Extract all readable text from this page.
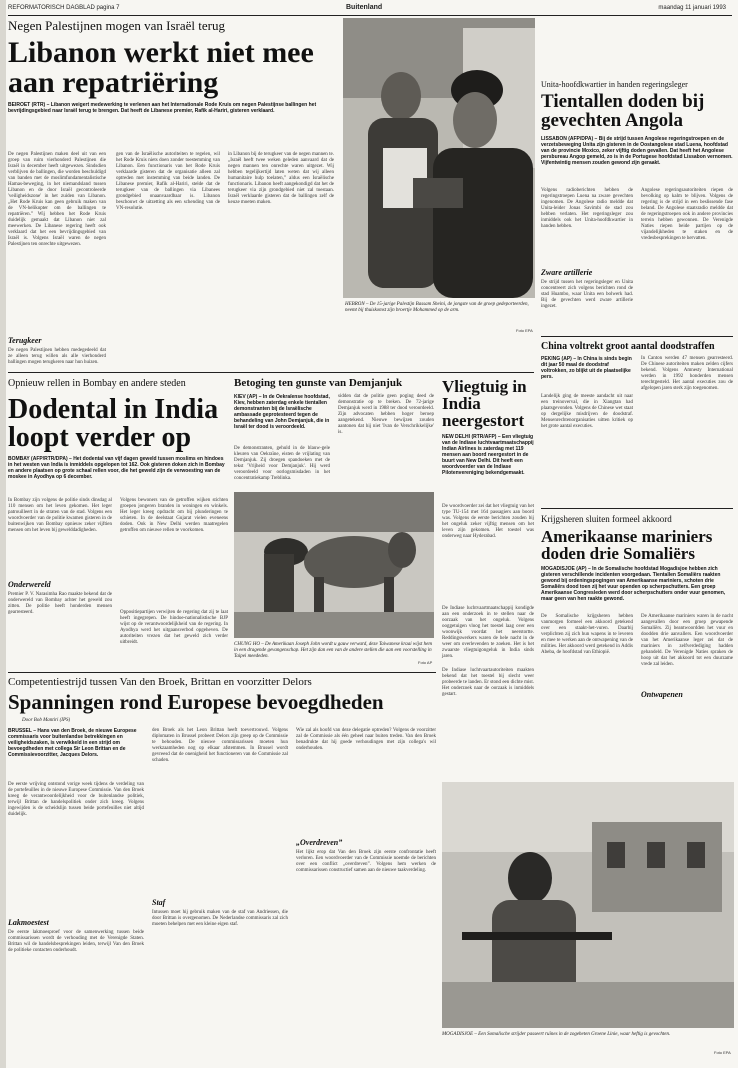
REFORMATORISCH DAGBLAD pagina 7	Buitenland	maandag 11 januari 1993
Negen Palestijnen mogen van Israël terug
Libanon werkt niet mee aan repatriëring
BEIROET (RTR) – Libanon weigert medewerking te verlenen aan het Internationale Rode Kruis om negen Palestijnse ballingen het bevrijdingsgebied naar Israël terug te brengen. Dat heeft de Libanese premier, Rafik al-Hariri, gisteren verklaard.
De negen Palestijnen maken deel uit van een groep van ruim vierhonderd Palestijnen die Israël in december heeft uitgewezen. Sindsdien verblijven de ballingen, die worden beschuldigd van banden met de moslimfundamentalistische Hamas-beweging, in het niemandsland tussen Libanon en de door Israël gecontroleerde 'veiligheidszone' in het zuiden van Libanon. „Het Rode Kruis kan geen gebruik maken van de VN-helikopter om de ballingen te repatriëren.” Wij hebben het Rode Kruis duidelijk gemaakt dat Libanon niet zal meewerken. De Libanese regering heeft ook verklaard dat het een bevrijdingsgebied van Israël is. Volgens Israël waren de negen Palestijnen ten onrechte uitgewezen.
Terugkeer
De negen Palestijnen hebben medegedeeld dat ze alleen terug willen als alle vierhonderd ballingen mogen terugkeren naar hun huizen.
gen van de Israëlische autoriteiten te regelen, wil het Rode Kruis niets doen zonder toestemming van Libanon. Een functionaris van het Rode Kruis verklaarde gisteren dat de organisatie alleen zal optreden met instemming van beide landen. De Libanese premier, Rafik al-Hariri, stelde dat de terugkeer van de ballingen via Libanees grondgebied onaanvaardbaar is. Libanon beschouwt de uitzetting als een schending van de VN-resolutie.
in Libanon bij de terugkeer van de negen mannen te. „Israël heeft twee weken geleden aanvaard dat de negen mannen ten onrechte waren uitgezet. Wij hebben tegelijkertijd laten weten dat wij alleen humanitaire hulp toelaten,” aldus een Israëlische functionaris. Libanon heeft aangekondigd dat het de terugkeer via zijn grondgebied niet zal toestaan. Israël verklaarde gisteren dat de ballingen zelf de keuze moeten maken.
HEBRON – De 15-jarige Palestijn Bassam Sheini, de jongste van de groep gedeporteerden, neemt bij thuiskomst zijn broertje Mohammed op de arm.
Foto EPA
Unita-hoofdkwartier in handen regeringsleger
Tientallen doden bij gevechten Angola
LISSABON (AFP/DPA) – Bij de strijd tussen Angolese regeringstroepen en de verzetsbeweging Unita zijn gisteren in de Oostangolese stad Luena, hoofdstad van de provincie Moxico, zeker vijftig doden gevallen. Dat heeft het Angolese persbureau Angop gemeld, zo is in de Portugese hoofdstad Lissabon vernomen. Vijfentwintig mensen zouden gewond zijn geraakt.
Volgens radioberichten hebben de regeringstroepen Luena na zware gevechten ingenomen. De Angolese radio meldde dat Unita-leider Jonas Savimbi de stad zou hebben verlaten. Het regeringsleger zou inmiddels ook het Unita-hoofdkwartier in handen hebben.
Zware artillerie
De strijd tussen het regeringsleger en Unita concentreert zich volgens berichten rond de stad Huambo, waar Unita een bolwerk had. Bij de gevechten werd zware artillerie ingezet.
Angolese regeringsautoriteiten riepen de bevolking op kalm te blijven. Volgens de regering is de strijd in een beslissende fase beland. De Angolese staatsradio meldde dat de regeringstroepen ook in andere provincies terrein hebben gewonnen. De Verenigde Naties riepen beide partijen op de vijandelijkheden te staken en de vredesbesprekingen te hervatten.
China voltrekt groot aantal doodstraffen
PEKING (AP) – In China is sinds begin dit jaar 50 maal de doodstraf voltrokken, zo blijkt uit de plaatselijke pers.
Landelijk ging de meeste aandacht uit naar een treinoverval, die in Xiangtan had plaatsgevonden. Volgens de Chinese wet staat op dergelijke misdrijven de doodstraf. Mensenrechtenorganisaties uitten kritiek op het grote aantal executies.
In Canton werden 47 mensen gearresteerd. De Chinese autoriteiten maken zelden cijfers bekend. Volgens Amnesty International werden in 1992 honderden mensen terechtgesteld. Het aantal executies zou de afgelopen jaren sterk zijn toegenomen.
Opnieuw rellen in Bombay en andere steden
Dodental in India loopt verder op
BOMBAY (AFP/RTR/DPA) – Het dodental van vijf dagen geweld tussen moslims en hindoes in het westen van India is inmiddels opgelopen tot 162. Ook gisteren doken zich in Bombay en andere plaatsen op grote schaal rellen voor, die het geweld zijn de verwoesting van de moskee in Ayodhya op 6 december.
In Bombay zijn volgens de politie sinds dinsdag al 110 mensen om het leven gekomen. Het leger patrouilleert in de straten van de stad. Volgens een woordvoerder van de politie kwamen gisteren in de buitenwijken van Bombay opnieuw zeker vijftien mensen om het leven bij gewelddadigheden.
Onderwereld
Premier P. V. Narasimha Rao maakte bekend dat de onderwereld van Bombay achter het geweld zou zitten. De politie heeft honderden mensen gearresteerd.
Volgens bewoners van de getroffen wijken stichten groepen jongeren branden in woningen en winkels. Het leger kreeg opdracht om bij plunderingen te schieten. In de deelstaat Gujarat vielen eveneens doden. Ook in New Delhi werden maatregelen getroffen om nieuwe rellen te voorkomen.
Oppositiepartijen verwijten de regering dat zij te laat heeft ingegrepen. De hindoe-nationalistische BJP wijst op de verantwoordelijkheid van de regering. In Ayodhya werd het uitgaansverbod opgeheven. De autoriteiten vrezen dat het geweld zich verder uitbreidt.
Betoging ten gunste van Demjanjuk
KIEV (AP) – In de Oekraïense hoofdstad, Kiev, hebben zaterdag enkele tientallen demonstranten bij de Israëlische ambassade geprotesteerd tegen de behandeling van John Demjanjuk, die in Israël ter dood is veroordeeld.
De demonstranten, gehuld in de blauw-gele kleuren van Oekraïne, eisten de vrijlating van Demjanjuk. Zij droegen spandoeken met de tekst 'Vrijheid voor Demjanjuk'. Hij werd veroordeeld voor oorlogsmisdaden in het concentratiekamp Treblinka.
sidden dat de politie geen poging deed de demonstratie op te breken. De 72-jarige Demjanjuk werd in 1988 ter dood veroordeeld. Zijn advocaten hebben hoger beroep aangetekend. Nieuwe bewijzen zouden aantonen dat hij niet 'Ivan de Verschrikkelijke' is.
CHUNG HO – De Amerikaan Joseph John wordt u gauw verward, deze Taiwanese kraai wijst hem in een dragende gevangenschap. Het zijn dan een van de andere stellen die aan een voorstelling in Taipei meededen.
Foto AP
Vliegtuig in India neergestort
NEW DELHI (RTR/AFP) – Een vliegtuig van de Indiase luchtvaartmaatschappij Indian Airlines is zaterdag met 119 mensen aan boord neergestort in de buurt van New Delhi. Dit heeft een woordvoerder van de Indiase Pilotenvereniging bekendgemaakt.
De woordvoerder zei dat het vliegtuig van het type TU-154 met 164 passagiers aan boord was. Volgens de eerste berichten zouden bij het ongeluk zeker vijftig mensen om het leven zijn gekomen. Het toestel was onderweg naar Hyderabad.
De Indiase luchtvaartmaatschappij kondigde aan een onderzoek in te stellen naar de oorzaak van het ongeluk. Volgens ooggetuigen vloog het toestel laag over een woonwijk voordat het neerstortte. Reddingswerkers waren de hele nacht in de weer om overlevenden te zoeken. Het is het zwaarste vliegtuigongeluk in India sinds jaren.
De Indiase luchtvaartautoriteiten maakten bekend dat het toestel bij slecht weer probeerde te landen. Er stond een dichte mist. Het onderzoek naar de oorzaak is inmiddels gestart.
Krijgsheren sluiten formeel akkoord
Amerikaanse mariniers doden drie Somaliërs
MOGADISJOE (AP) – In de Somalische hoofdstad Mogadisjoe hebben zich gisteren verschillende incidenten voorgedaan. Tientallen Somaliërs raakten gewond bij ordeningspogingen van Amerikaanse mariniers, schoten drie Somaliërs dood toen zij het vuur openden op scherpschutters. Een groep Amerikaanse Congresleden werd door scherpschutters onder vuur genomen, maar geen van hen raakte gewond.
De Somalische krijgsheren hebben vanmorgen formeel een akkoord getekend over een staakt-het-vuren. Daarbij verplichten zij zich hun wapens in te leveren en mee te werken aan de ontwapening van de milities. Het akkoord werd getekend in Addis Abeba, de hoofdstad van Ethiopië.
Ontwapenen
De Amerikaanse mariniers waren in de nacht aangevallen door een groep gewapende Somaliërs. Zij beantwoordden het vuur en doodden drie aanvallers. Een woordvoerder van het Amerikaanse leger zei dat de mariniers in zelfverdediging hadden gehandeld. De Verenigde Naties spraken de hoop uit dat het akkoord tot een duurzame vrede zal leiden.
Competentiestrijd tussen Van den Broek, Brittan en voorzitter Delors
Spanningen rond Europese bevoegdheden
Door Bob Mantiri (IPS)
BRUSSEL – Hans van den Broek, de nieuwe Europese commissaris voor buitenlandse betrekkingen en veiligheidszaken, is verwikkeld in een strijd om bevoegdheden met collega Sir Leon Brittan en de Commissievoorzitter, Jacques Delors.
De eerste wrijving ontstond vorige week tijdens de verdeling van de portefeuilles in de nieuwe Europese Commissie. Van den Broek kreeg de verantwoordelijkheid voor de buitenlandse politiek, terwijl Brittan de handelspolitiek onder zich kreeg. Volgens ingewijden is de scheidslijn tussen beide portefeuilles niet altijd duidelijk.
Lakmoestest
De eerste lakmoesproef voor de samenwerking tussen beide commissarissen wordt de verhouding met de Verenigde Staten. Brittan wil de handelsbesprekingen leiden, terwijl Van den Broek de politieke contacten onderhoudt.
den Broek als het Leon Brittan heeft toevertrouwd. Volgens diplomaten in Brussel probeert Delors zijn greep op de Commissie te behouden. De nieuwe commissarissen moeten hun werkzaamheden nog op elkaar afstemmen. In Brussel wordt gevreesd dat de onenigheid het functioneren van de Commissie zal schaden.
Staf
Intussen moet hij gebruik maken van de staf van Andriessen, die door Brittan is overgenomen. De Nederlandse commissaris zal zich moeten behelpen met een kleine eigen staf.
Wie zal als hoofd van deze delegatie optreden? Volgens de voorzitter zal de Commissie als één geheel naar buiten treden. Van den Broek benadrukte dat hij goede verhoudingen met zijn collega's wil onderhouden.
„Overdreven”
Het lijkt erop dat Van den Broek zijn eerste confrontatie heeft verloren. Een woordvoerder van de Commissie noemde de berichten over een conflict „overdreven”. Volgens hem werken de commissarissen constructief samen aan de nieuwe taakverdeling.
MOGADISJOE – Een Somalische strijder passeert ruïnes in de zogeheten Groene Linie, waar heftig is gevochten.
Foto EPA
